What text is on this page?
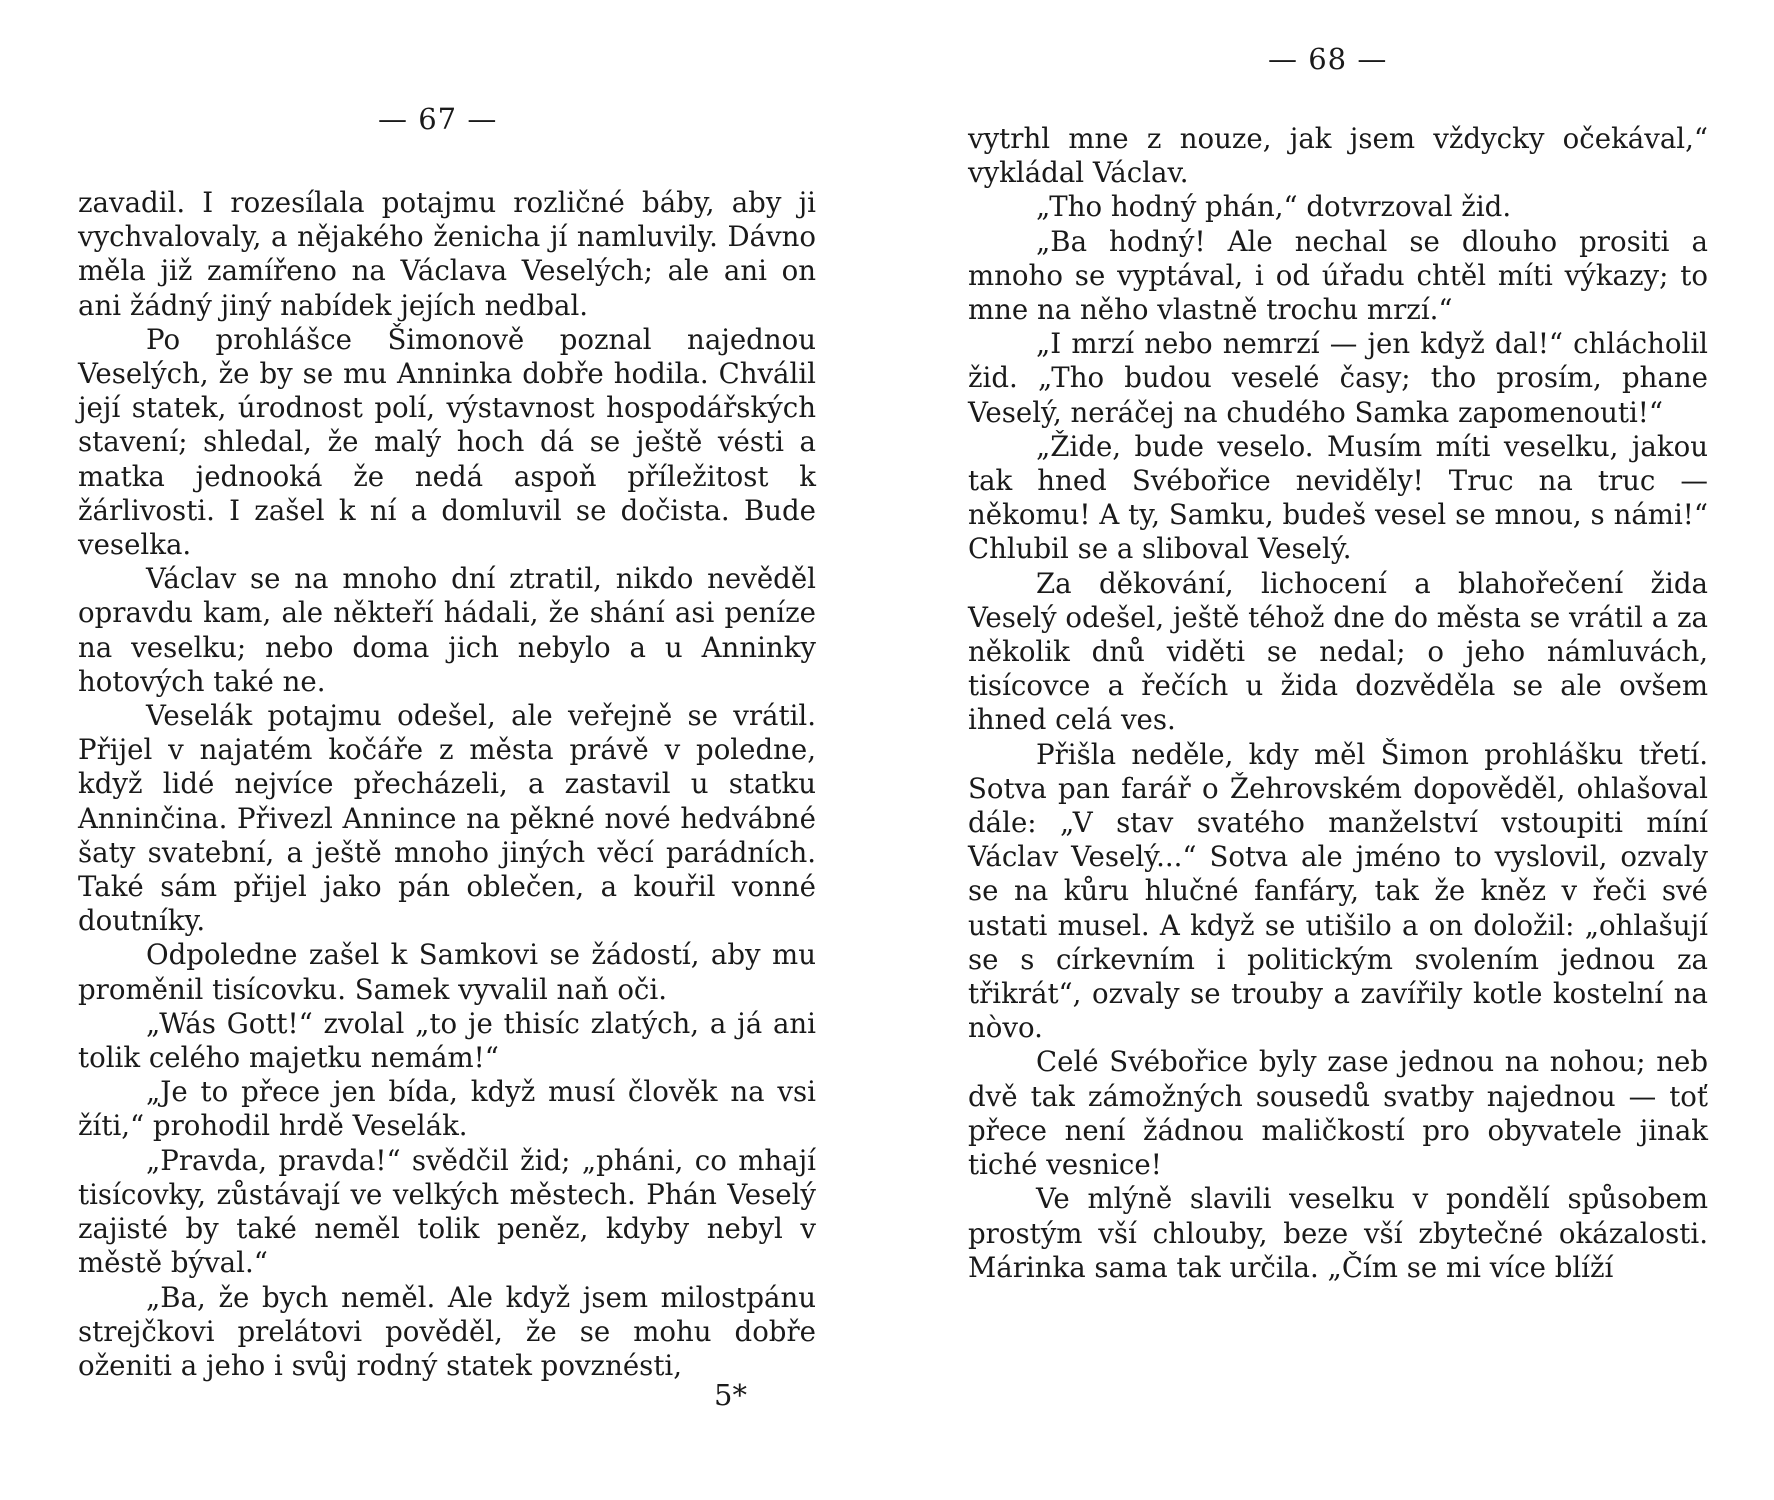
— 67 —

zavadil. I rozesílala potajmu rozličné báby, aby ji vychvalovaly, a nějakého ženicha jí namluvily. Dávno měla již zamířeno na Václava Veselých; ale ani on ani žádný jiný nabídek jejích nedbal.

Po prohlášce Šimonově poznal najednou Veselých, že by se mu Anninka dobře hodila. Chválil její statek, úrodnost polí, výstavnost hospodářských stavení; shledal, že malý hoch dá se ještě vésti a matka jednooká že nedá aspoň příležitost k žárlivosti. I zašel k ní a domluvil se dočista. Bude veselka.

Václav se na mnoho dní ztratil, nikdo nevěděl opravdu kam, ale někteří hádali, že shání asi peníze na veselku; nebo doma jich nebylo a u Anninky hotových také ne.

Veselák potajmu odešel, ale veřejně se vrátil. Přijel v najatém kočáře z města právě v poledne, když lidé nejvíce přecházeli, a zastavil u statku Anninčina. Přivezl Annince na pěkné nové hedvábné šaty svatební, a ještě mnoho jiných věcí parádních. Také sám přijel jako pán oblečen, a kouřil vonné doutníky.

Odpoledne zašel k Samkovi se žádostí, aby mu proměnil tisícovku. Samek vyvalil naň oči.

„Wás Gott!“ zvolal „to je thisíc zlatých, a já ani tolik celého majetku nemám!“

„Je to přece jen bída, když musí člověk na vsi žíti,“ prohodil hrdě Veselák.

„Pravda, pravda!“ svědčil žid; „pháni, co mhají tisícovky, zůstávají ve velkých městech. Phán Veselý zajisté by také neměl tolik peněz, kdyby nebyl v městě býval.“

„Ba, že bych neměl. Ale když jsem milostpánu strejčkovi prelátovi pověděl, že se mohu dobře oženiti a jeho i svůj rodný statek povznésti,

5*
— 68 —

vytrhl mne z nouze, jak jsem vždycky očekával,“ vykládal Václav.

„Tho hodný phán,“ dotvrzoval žid.

„Ba hodný! Ale nechal se dlouho prositi a mnoho se vyptával, i od úřadu chtěl míti výkazy; to mne na něho vlastně trochu mrzí.“

„I mrzí nebo nemrzí — jen když dal!“ chlácholil žid. „Tho budou veselé časy; tho prosím, phane Veselý, neráčej na chudého Samka zapomenouti!“

„Žide, bude veselo. Musím míti veselku, jakou tak hned Svébořice neviděly! Truc na truc — někomu! A ty, Samku, budeš vesel se mnou, s námi!“ Chlubil se a sliboval Veselý.

Za děkování, lichocení a blahořečení žida Veselý odešel, ještě téhož dne do města se vrátil a za několik dnů viděti se nedal; o jeho námluvách, tisícovce a řečích u žida dozvěděla se ale ovšem ihned celá ves.

Přišla neděle, kdy měl Šimon prohlášku třetí. Sotva pan farář o Žehrovském dopověděl, ohlašoval dále: „V stav svatého manželství vstoupiti míní Václav Veselý...“ Sotva ale jméno to vyslovil, ozvaly se na kůru hlučné fanfáry, tak že kněz v řeči své ustati musel. A když se utišilo a on doložil: „ohlašují se s církevním i politickým svolením jednou za třikrát“, ozvaly se trouby a zavířily kotle kostelní na nòvo.

Celé Svébořice byly zase jednou na nohou; neb dvě tak zámožných sousedů svatby najednou — toť přece není žádnou maličkostí pro obyvatele jinak tiché vesnice!

Ve mlýně slavili veselku v pondělí spůsobem prostým vší chlouby, beze vší zbytečné okázalosti. Márinka sama tak určila. „Čím se mi více blíží
